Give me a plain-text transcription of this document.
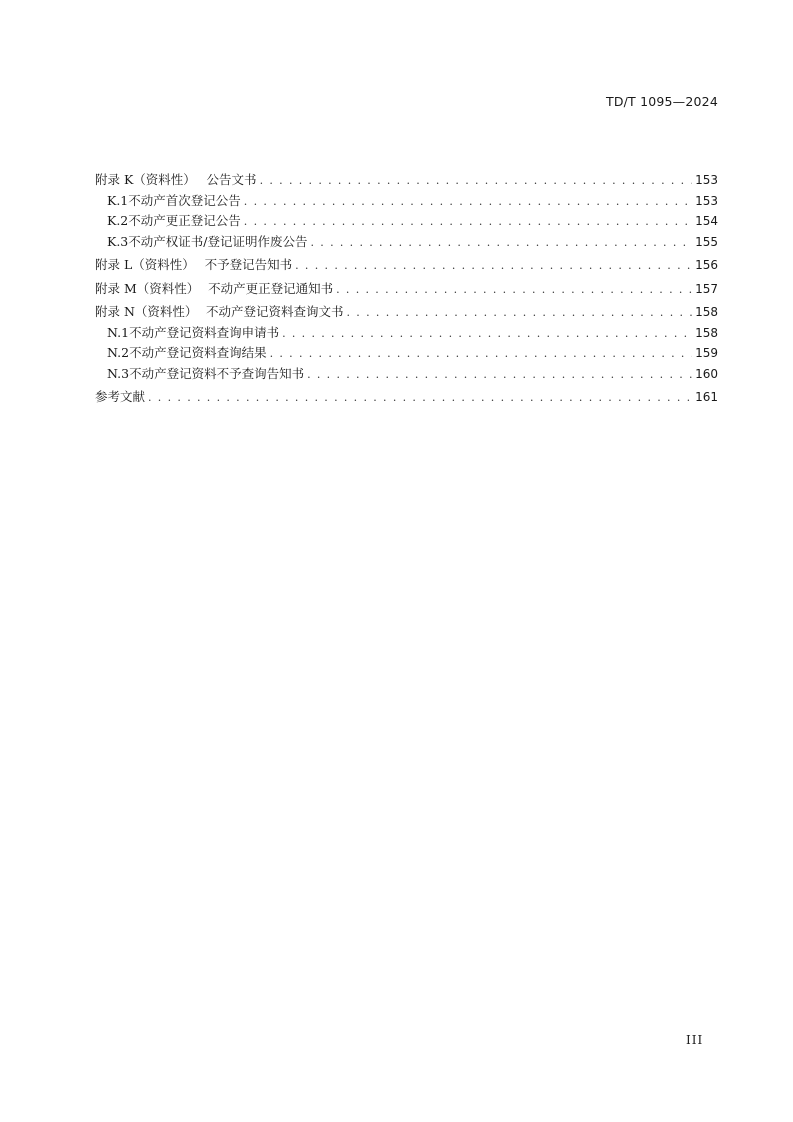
TD/T 1095—2024
附录 K（资料性） 公告文书 . . .	153
K.1 不动产首次登记公告 . . .	153
K.2 不动产更正登记公告 . . .	154
K.3 不动产权证书/登记证明作废公告 . . .	155
附录 L（资料性） 不予登记告知书 . . .	156
附录 M（资料性） 不动产更正登记通知书 . . .	157
附录 N（资料性） 不动产登记资料查询文书 . . .	158
N.1 不动产登记资料查询申请书 . . .	158
N.2 不动产登记资料查询结果 . . .	159
N.3 不动产登记资料不予查询告知书 . . .	160
参考文献 . . .	161
III
